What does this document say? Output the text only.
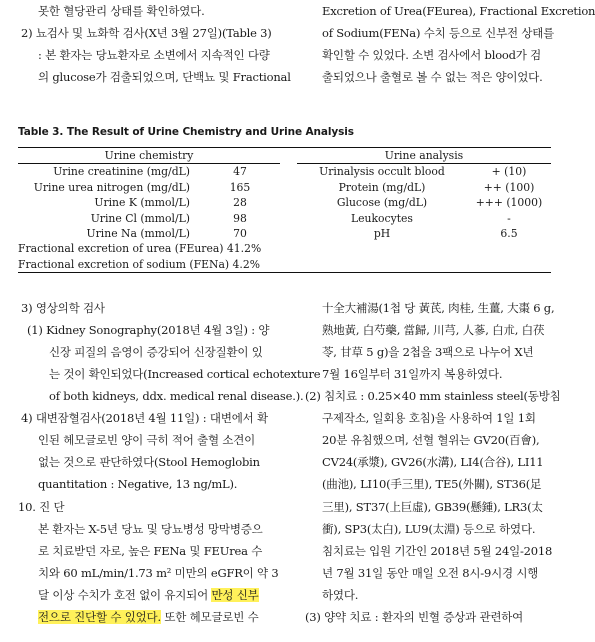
못한 혈당관리 상태를 확인하였다.
2) 뇨검사 및 뇨화학 검사(X년 3월 27일)(Table 3)
: 본 환자는 당뇨환자로 소변에서 지속적인 다량
의 glucose가 검출되었으며, 단백뇨 및 Fractional
Excretion of Urea(FEurea), Fractional Excretion
of Sodium(FENa) 수치 등으로 신부전 상태를
확인할 수 있었다. 소변 검사에서 blood가 검
출되었으나 출혈로 볼 수 없는 적은 양이었다.
Table 3. The Result of Urine Chemistry and Urine Analysis
Urine chemistry			Urine analysis	
Urine creatinine (mg/dL)	47		Urinalysis occult blood	+ (10)
Urine urea nitrogen (mg/dL)	165		Protein (mg/dL)	++ (100)
Urine K (mmol/L)	28		Glucose (mg/dL)	+++ (1000)
Urine Cl (mmol/L)	98		Leukocytes	-
Urine Na (mmol/L)	70		pH	6.5
Fractional excretion of urea (FEurea) 41.2%				
Fractional excretion of sodium (FENa) 4.2%				
3) 영상의학 검사
(1) Kidney Sonography(2018년 4월 3일) : 양
신장 피질의 음영이 증강되어 신장질환이 있
는 것이 확인되었다(Increased cortical echotexture
of both kidneys, ddx. medical renal disease.).
4) 대변잠혈검사(2018년 4월 11일) : 대변에서 확
인된 헤모글로빈 양이 극히 적어 출혈 소견이
없는 것으로 판단하였다(Stool Hemoglobin
quantitation : Negative, 13 ng/mL).
10. 진 단
본 환자는 X-5년 당뇨 및 당뇨병성 망막병증으
로 치료받던 자로, 높은 FENa 및 FEUrea 수
치와 60 mL/min/1.73 m² 미만의 eGFR이 약 3
달 이상 수치가 호전 없이 유지되어 만성 신부
전으로 진단할 수 있었다. 또한 헤모글로빈 수
十全大補湯(1첩 당 黃芪, 肉桂, 生薑, 大棗 6 g,
熟地黃, 白芍藥, 當歸, 川芎, 人蔘, 白朮, 白茯
苓, 甘草 5 g)을 2첩을 3팩으로 나누어 X년
7월 16일부터 31일까지 복용하였다.
(2) 침치료 : 0.25×40 mm stainless steel(동방침
구제작소, 일회용 호침)을 사용하여 1일 1회
20분 유침했으며, 선혈 혈위는 GV20(百會),
CV24(承漿), GV26(水溝), LI4(合谷), LI11
(曲池), LI10(手三里), TE5(外關), ST36(足
三里), ST37(上巨虛), GB39(懸鍾), LR3(太
衝), SP3(太白), LU9(太淵) 등으로 하였다.
침치료는 입원 기간인 2018년 5월 24일-2018
년 7월 31일 동안 매일 오전 8시-9시경 시행
하였다.
(3) 양약 치료 : 환자의 빈혈 증상과 관련하여
